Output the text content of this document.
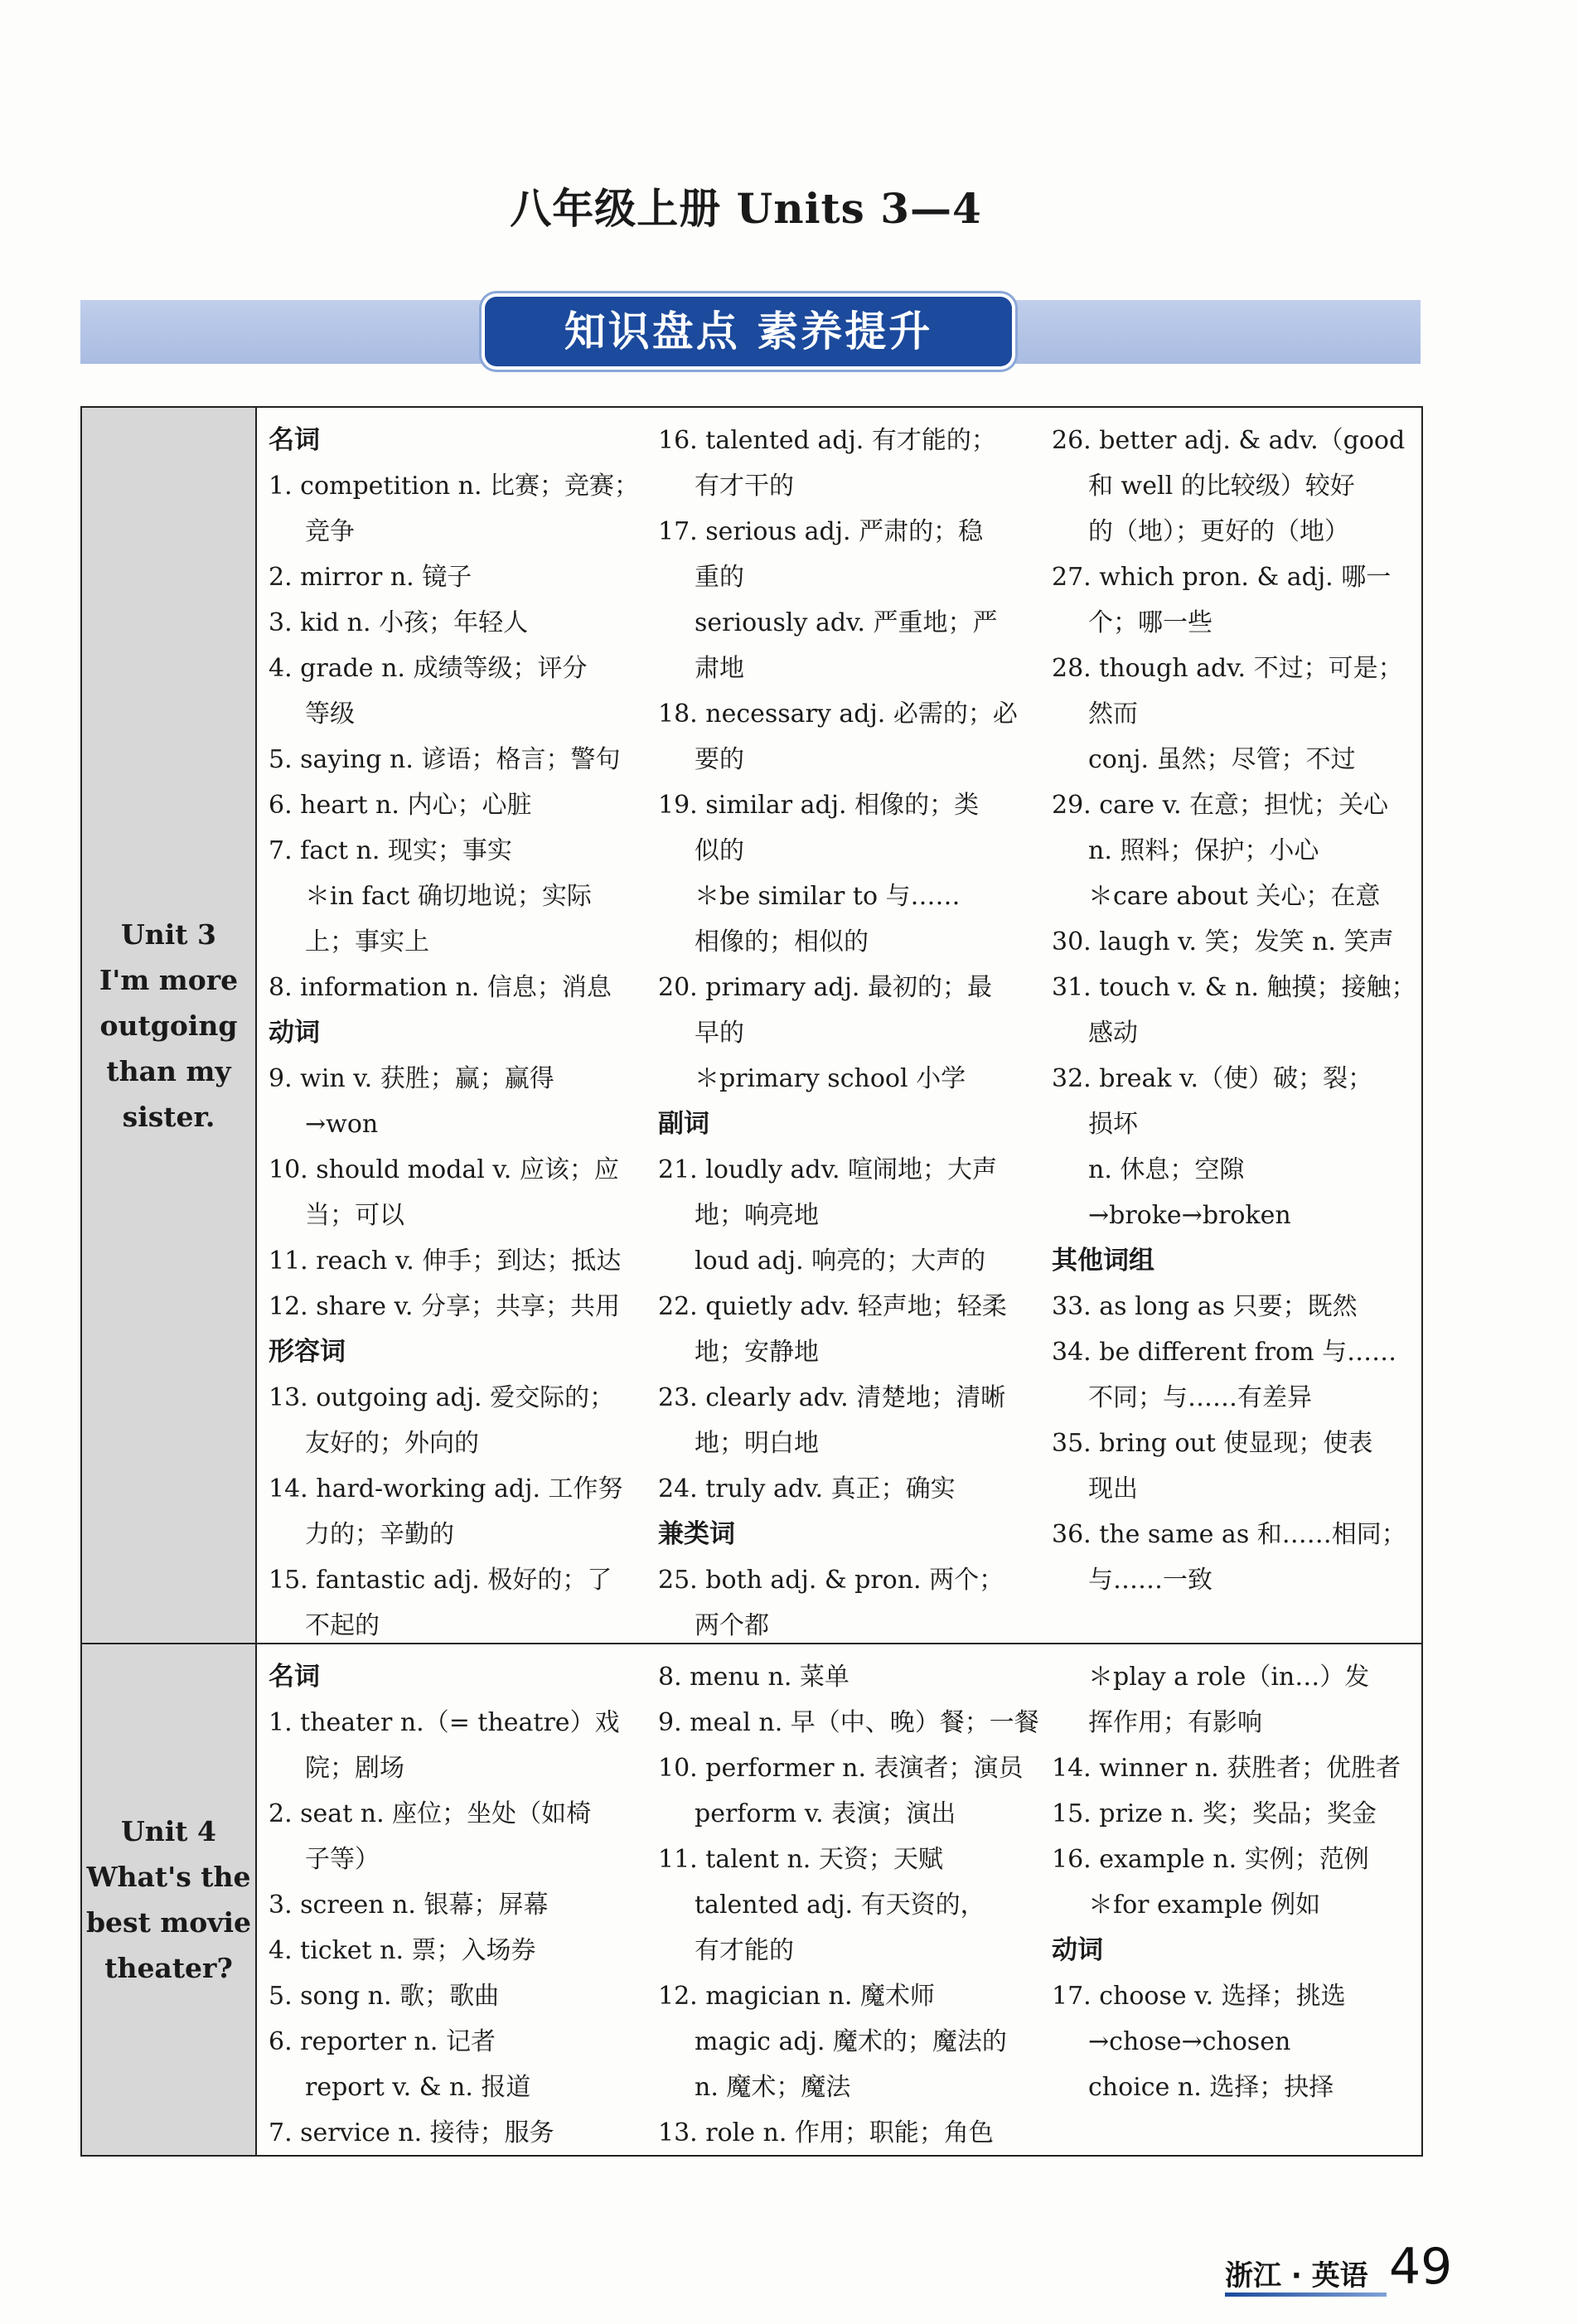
八年级上册 Units 3—4
知识盘点 素养提升
Unit 3
I'm more
outgoing
than my
sister.
名词
1. competition n. 比赛；竞赛；
竞争
2. mirror n. 镜子
3. kid n. 小孩；年轻人
4. grade n. 成绩等级；评分
等级
5. saying n. 谚语；格言；警句
6. heart n. 内心；心脏
7. fact n. 现实；事实
＊in fact 确切地说；实际
上；事实上
8. information n. 信息；消息
动词
9. win v. 获胜；赢；赢得
→won
10. should modal v. 应该；应
当；可以
11. reach v. 伸手；到达；抵达
12. share v. 分享；共享；共用
形容词
13. outgoing adj. 爱交际的；
友好的；外向的
14. hard-working adj. 工作努
力的；辛勤的
15. fantastic adj. 极好的；了
不起的
16. talented adj. 有才能的；
有才干的
17. serious adj. 严肃的；稳
重的
seriously adv. 严重地；严
肃地
18. necessary adj. 必需的；必
要的
19. similar adj. 相像的；类
似的
＊be similar to 与……
相像的；相似的
20. primary adj. 最初的；最
早的
＊primary school 小学
副词
21. loudly adv. 喧闹地；大声
地；响亮地
loud adj. 响亮的；大声的
22. quietly adv. 轻声地；轻柔
地；安静地
23. clearly adv. 清楚地；清晰
地；明白地
24. truly adv. 真正；确实
兼类词
25. both adj. & pron. 两个；
两个都
26. better adj. & adv.（good
和 well 的比较级）较好
的（地）；更好的（地）
27. which pron. & adj. 哪一
个；哪一些
28. though adv. 不过；可是；
然而
conj. 虽然；尽管；不过
29. care v. 在意；担忧；关心
n. 照料；保护；小心
＊care about 关心；在意
30. laugh v. 笑；发笑 n. 笑声
31. touch v. & n. 触摸；接触；
感动
32. break v.（使）破；裂；
损坏
n. 休息；空隙
→broke→broken
其他词组
33. as long as 只要；既然
34. be different from 与……
不同；与……有差异
35. bring out 使显现；使表
现出
36. the same as 和……相同；
与……一致
Unit 4
What's the
best movie
theater?
名词
1. theater n.（= theatre）戏
院；剧场
2. seat n. 座位；坐处（如椅
子等）
3. screen n. 银幕；屏幕
4. ticket n. 票；入场券
5. song n. 歌；歌曲
6. reporter n. 记者
report v. & n. 报道
7. service n. 接待；服务
8. menu n. 菜单
9. meal n. 早（中、晚）餐；一餐
10. performer n. 表演者；演员
perform v. 表演；演出
11. talent n. 天资；天赋
talented adj. 有天资的，
有才能的
12. magician n. 魔术师
magic adj. 魔术的；魔法的
n. 魔术；魔法
13. role n. 作用；职能；角色
＊play a role（in…）发
挥作用；有影响
14. winner n. 获胜者；优胜者
15. prize n. 奖；奖品；奖金
16. example n. 实例；范例
＊for example 例如
动词
17. choose v. 选择；挑选
→chose→chosen
choice n. 选择；抉择
浙江 · 英语 49
